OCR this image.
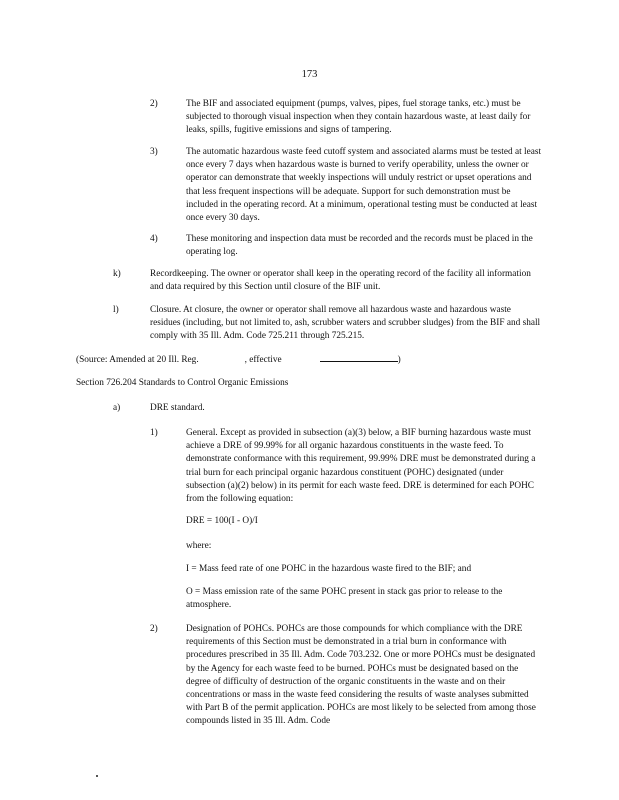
173
2)	The BIF and associated equipment (pumps, valves, pipes, fuel storage tanks, etc.) must be subjected to thorough visual inspection when they contain hazardous waste, at least daily for leaks, spills, fugitive emissions and signs of tampering.
3)	The automatic hazardous waste feed cutoff system and associated alarms must be tested at least once every 7 days when hazardous waste is burned to verify operability, unless the owner or operator can demonstrate that weekly inspections will unduly restrict or upset operations and that less frequent inspections will be adequate. Support for such demonstration must be included in the operating record. At a minimum, operational testing must be conducted at least once every 30 days.
4)	These monitoring and inspection data must be recorded and the records must be placed in the operating log.
k)	Recordkeeping. The owner or operator shall keep in the operating record of the facility all information and data required by this Section until closure of the BIF unit.
l)	Closure. At closure, the owner or operator shall remove all hazardous waste and hazardous waste residues (including, but not limited to, ash, scrubber waters and scrubber sludges) from the BIF and shall comply with 35 Ill. Adm. Code 725.211 through 725.215.
(Source: Amended at 20 Ill. Reg.	, effective	)
Section 726.204 Standards to Control Organic Emissions
a)	DRE standard.
1)	General. Except as provided in subsection (a)(3) below, a BIF burning hazardous waste must achieve a DRE of 99.99% for all organic hazardous constituents in the waste feed. To demonstrate conformance with this requirement, 99.99% DRE must be demonstrated during a trial burn for each principal organic hazardous constituent (POHC) designated (under subsection (a)(2) below) in its permit for each waste feed. DRE is determined for each POHC from the following equation:
DRE = 100(I - O)/I
where:
I = Mass feed rate of one POHC in the hazardous waste fired to the BIF; and
O = Mass emission rate of the same POHC present in stack gas prior to release to the atmosphere.
2)	Designation of POHCs. POHCs are those compounds for which compliance with the DRE requirements of this Section must be demonstrated in a trial burn in conformance with procedures prescribed in 35 Ill. Adm. Code 703.232. One or more POHCs must be designated by the Agency for each waste feed to be burned. POHCs must be designated based on the degree of difficulty of destruction of the organic constituents in the waste and on their concentrations or mass in the waste feed considering the results of waste analyses submitted with Part B of the permit application. POHCs are most likely to be selected from among those compounds listed in 35 Ill. Adm. Code
